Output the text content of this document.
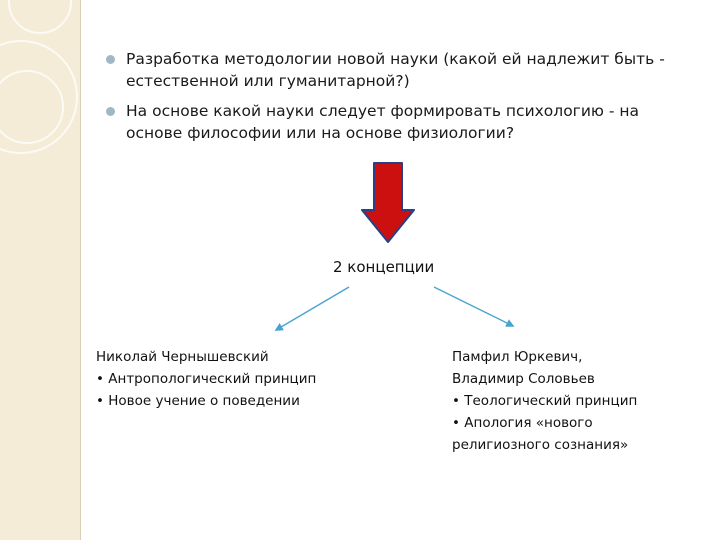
Разработка методологии новой науки (какой ей надлежит быть - естественной или гуманитарной?)
На основе какой науки следует формировать психологию - на основе философии или на основе физиологии?
2 концепции
Николай Чернышевский
• Антропологический принцип
• Новое учение о поведении
Памфил Юркевич,
Владимир Соловьев
• Теологический принцип
• Апология «нового
религиозного сознания»
